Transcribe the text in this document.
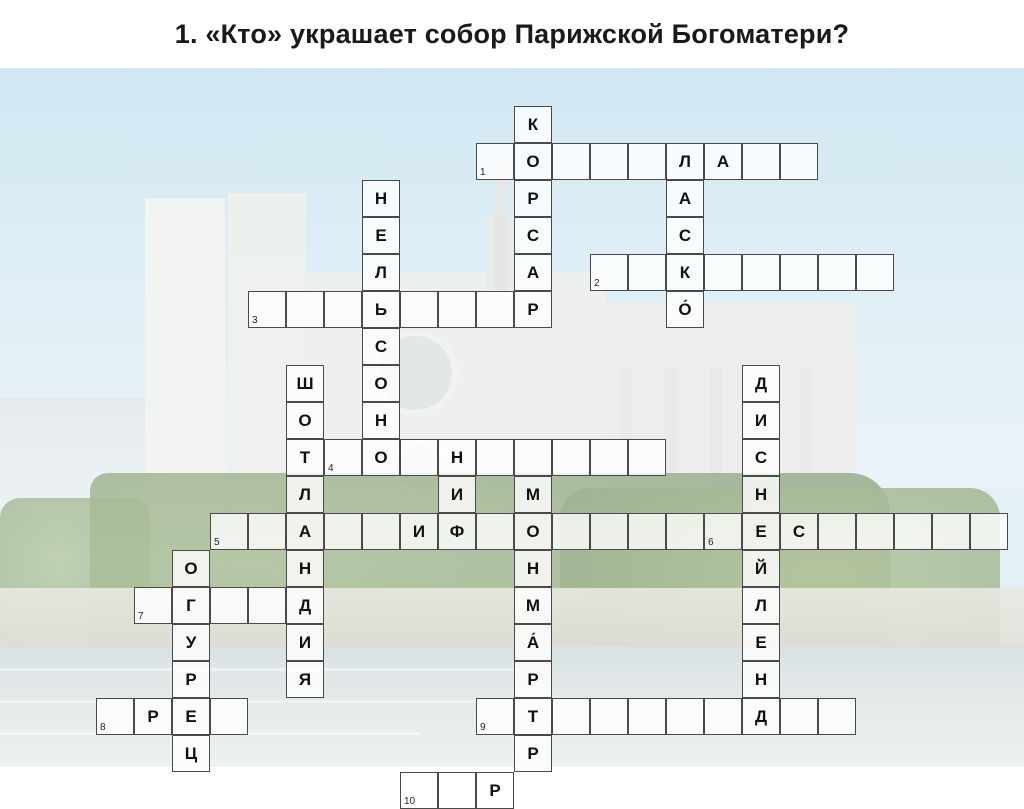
1. «Кто» украшает собор Парижской Богоматери?
1
О	Л	А
2
К
3
Ь
4
О	Н
5
А	И	Ф	О 6	Е	С
7
Г	Д
8
Р	Е 9	Т	Д
10
Р
К
Р
С
А
Р
А
С
О́
Н
Е
Л
С
О
Н
Ш
О
Т
Л
Н
И
Я
Д
И
С
Н
Й
Л
Е
Н
И	М
Н
М
А́
Р
Р
О
У
Р
Ц
